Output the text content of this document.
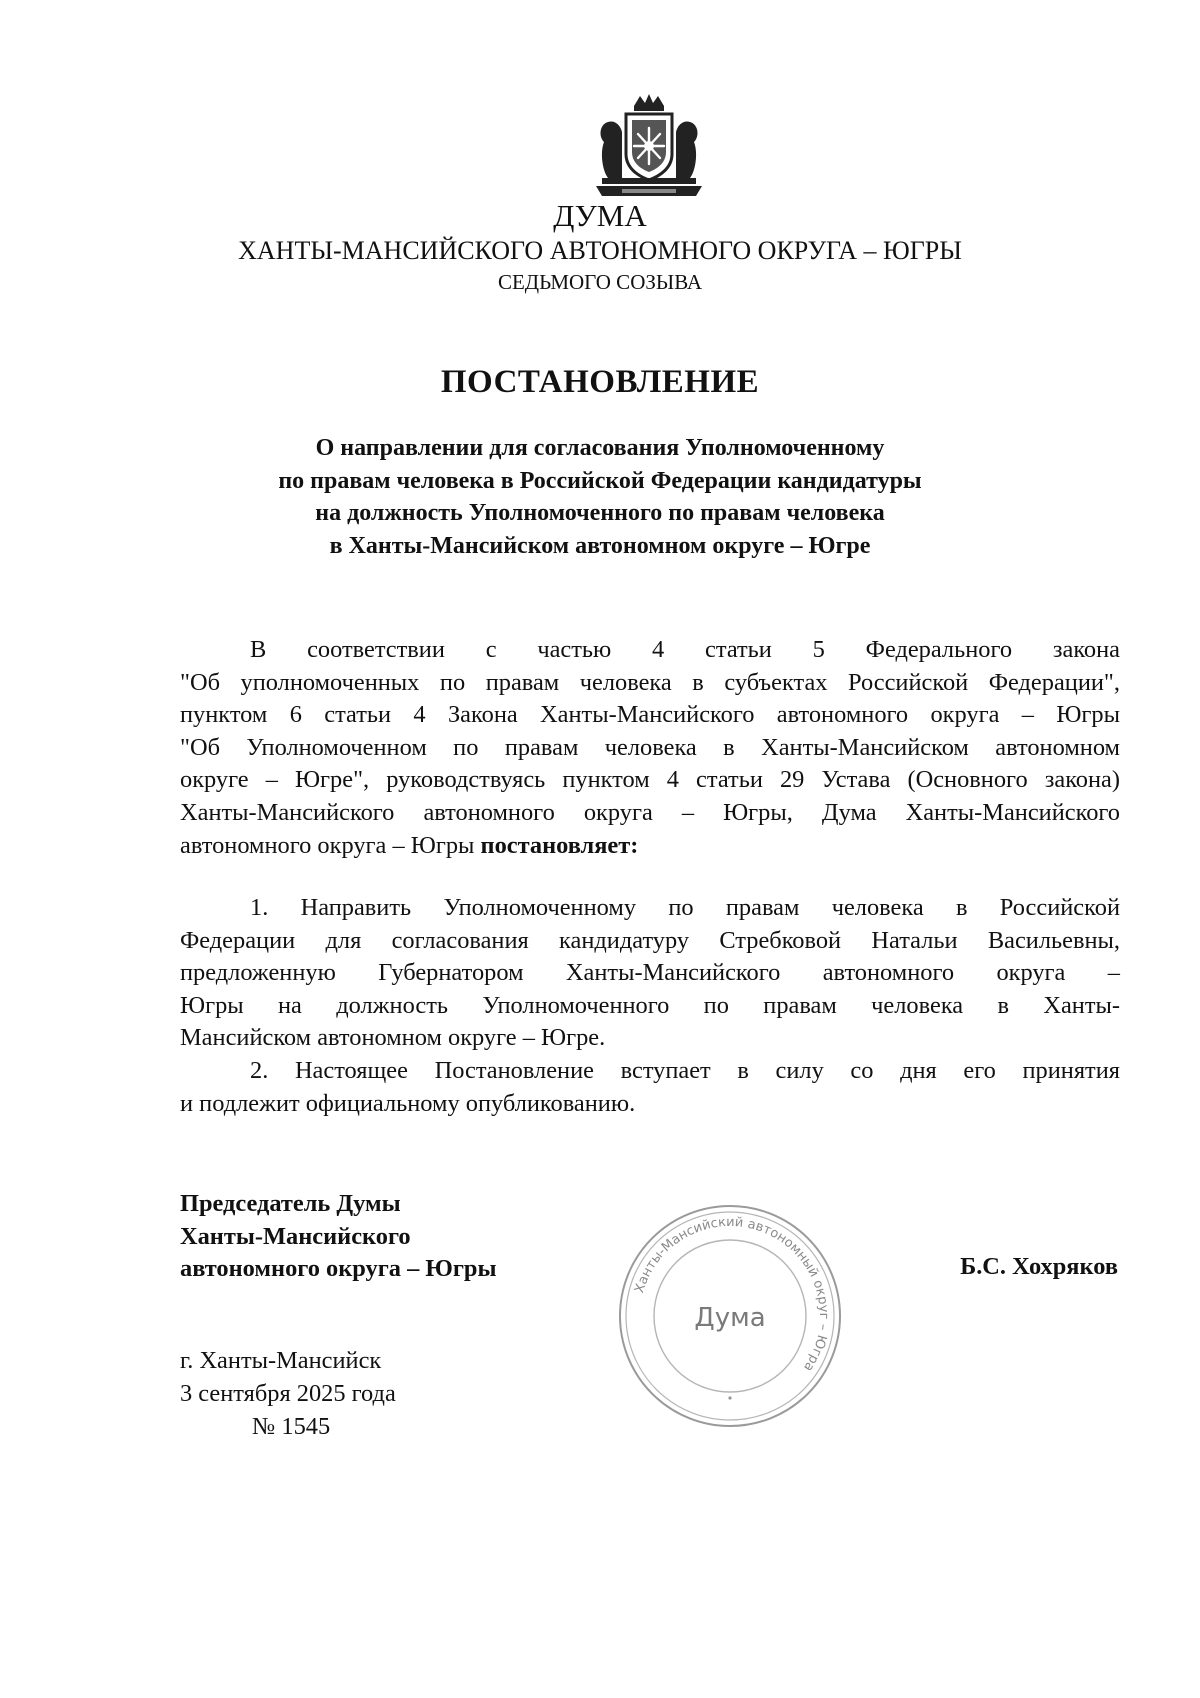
ДУМА
ХАНТЫ-МАНСИЙСКОГО АВТОНОМНОГО ОКРУГА – ЮГРЫ
СЕДЬМОГО СОЗЫВА
ПОСТАНОВЛЕНИЕ
О направлении для согласования Уполномоченному
по правам человека в Российской Федерации кандидатуры
на должность Уполномоченного по правам человека
в Ханты-Мансийском автономном округе – Югре
В соответствии с частью 4 статьи 5 Федерального закона
"Об уполномоченных по правам человека в субъектах Российской Федерации",
пунктом 6 статьи 4 Закона Ханты-Мансийского автономного округа – Югры
"Об Уполномоченном по правам человека в Ханты-Мансийском автономном
округе – Югре", руководствуясь пунктом 4 статьи 29 Устава (Основного закона)
Ханты-Мансийского автономного округа – Югры, Дума Ханты-Мансийского
автономного округа – Югры постановляет:
1. Направить Уполномоченному по правам человека в Российской
Федерации для согласования кандидатуру Стребковой Натальи Васильевны,
предложенную Губернатором Ханты-Мансийского автономного округа –
Югры на должность Уполномоченного по правам человека в Ханты-
Мансийском автономном округе – Югре.
2. Настоящее Постановление вступает в силу со дня его принятия
и подлежит официальному опубликованию.
Председатель Думы
Ханты-Мансийского
автономного округа – Югры	Б.С. Хохряков
Ханты-Мансийский автономный округ – Югра
Дума
г. Ханты-Мансийск
3 сентября 2025 года
№ 1545
